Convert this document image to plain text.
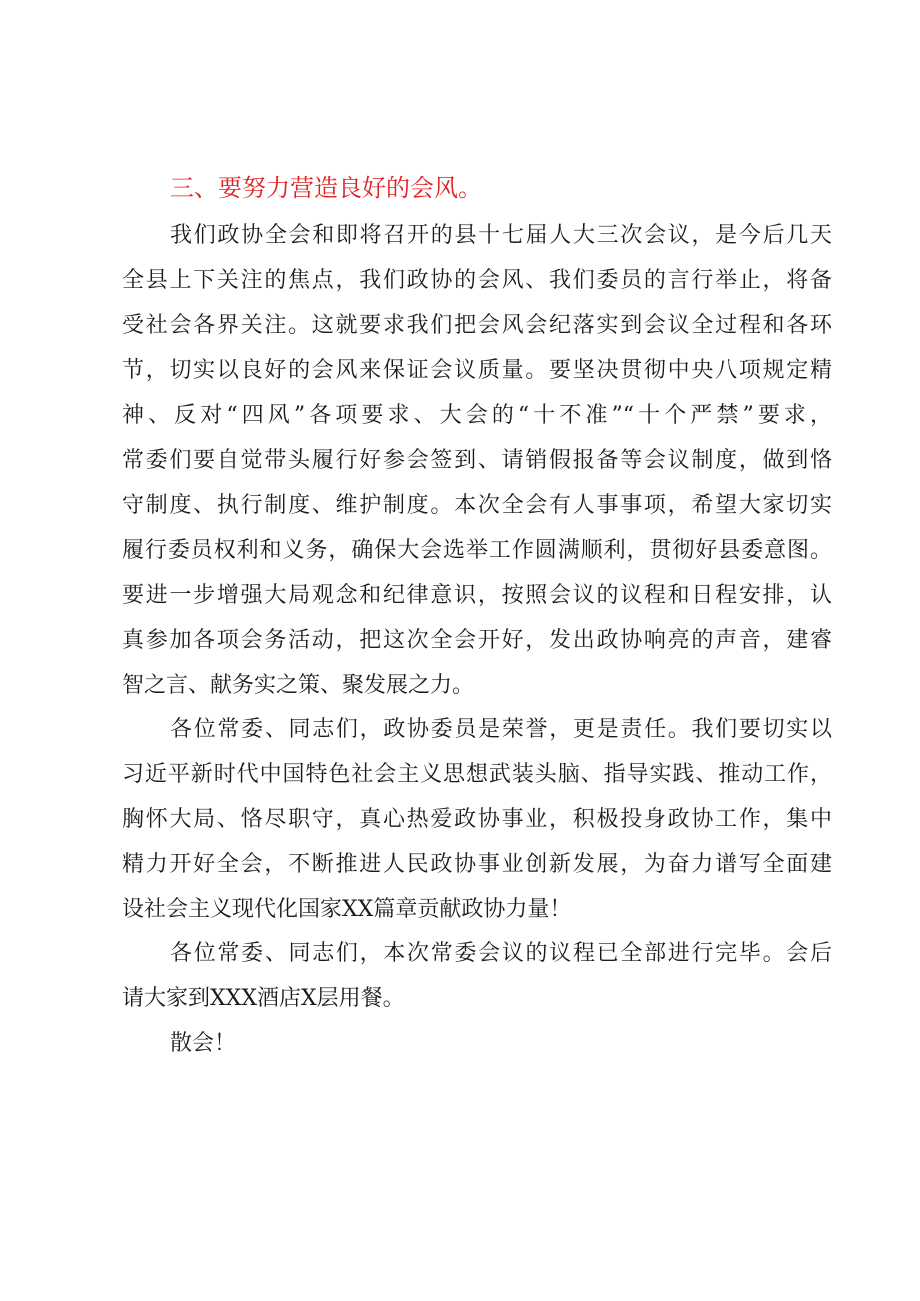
三、要努力营造良好的会风。
我们政协全会和即将召开的县十七届人大三次会议，是今后几天
全县上下关注的焦点，我们政协的会风、我们委员的言行举止，将备
受社会各界关注。这就要求我们把会风会纪落实到会议全过程和各环
节，切实以良好的会风来保证会议质量。要坚决贯彻中央八项规定精
神、反对“四风”各项要求、大会的“十不准”“十个严禁”要求，
常委们要自觉带头履行好参会签到、请销假报备等会议制度，做到恪
守制度、执行制度、维护制度。本次全会有人事事项，希望大家切实
履行委员权利和义务，确保大会选举工作圆满顺利，贯彻好县委意图。
要进一步增强大局观念和纪律意识，按照会议的议程和日程安排，认
真参加各项会务活动，把这次全会开好，发出政协响亮的声音，建睿
智之言、献务实之策、聚发展之力。
各位常委、同志们，政协委员是荣誉，更是责任。我们要切实以
习近平新时代中国特色社会主义思想武装头脑、指导实践、推动工作，
胸怀大局、恪尽职守，真心热爱政协事业，积极投身政协工作，集中
精力开好全会，不断推进人民政协事业创新发展，为奋力谱写全面建
设社会主义现代化国家XX篇章贡献政协力量！
各位常委、同志们，本次常委会议的议程已全部进行完毕。会后
请大家到XXX酒店X层用餐。
散会！
